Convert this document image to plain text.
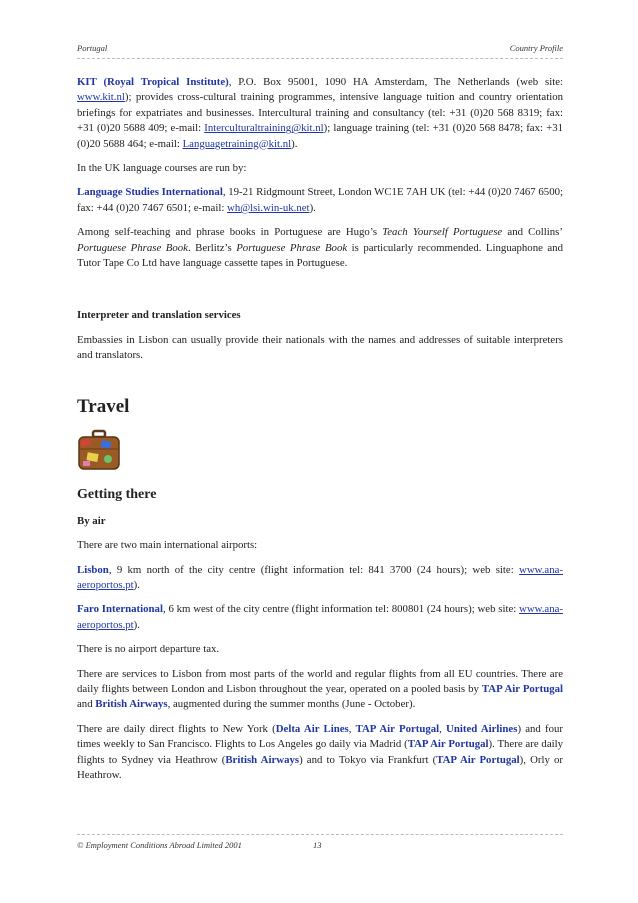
Portugal	Country Profile

KIT (Royal Tropical Institute), P.O. Box 95001, 1090 HA Amsterdam, The Netherlands (web site: www.kit.nl); provides cross-cultural training programmes, intensive language tuition and country orientation briefings for expatriates and businesses. Intercultural training and consultancy (tel: +31 (0)20 568 8319; fax: +31 (0)20 5688 409; e-mail: Interculturaltraining@kit.nl); language training (tel: +31 (0)20 568 8478; fax: +31 (0)20 5688 464; e-mail: Languagetraining@kit.nl).

In the UK language courses are run by:

Language Studies International, 19-21 Ridgmount Street, London WC1E 7AH UK (tel: +44 (0)20 7467 6500; fax: +44 (0)20 7467 6501; e-mail: wh@lsi.win-uk.net).

Among self-teaching and phrase books in Portuguese are Hugo’s Teach Yourself Portuguese and Collins’ Portuguese Phrase Book. Berlitz’s Portuguese Phrase Book is particularly recommended. Linguaphone and Tutor Tape Co Ltd have language cassette tapes in Portuguese.

Interpreter and translation services

Embassies in Lisbon can usually provide their nationals with the names and addresses of suitable interpreters and translators.

Travel

Getting there

By air

There are two main international airports:

Lisbon, 9 km north of the city centre (flight information tel: 841 3700 (24 hours); web site: www.ana-aeroportos.pt).

Faro International, 6 km west of the city centre (flight information tel: 800801 (24 hours); web site: www.ana-aeroportos.pt).

There is no airport departure tax.

There are services to Lisbon from most parts of the world and regular flights from all EU countries. There are daily flights between London and Lisbon throughout the year, operated on a pooled basis by TAP Air Portugal and British Airways, augmented during the summer months (June - October).

There are daily direct flights to New York (Delta Air Lines, TAP Air Portugal, United Airlines) and four times weekly to San Francisco. Flights to Los Angeles go daily via Madrid (TAP Air Portugal). There are daily flights to Sydney via Heathrow (British Airways) and to Tokyo via Frankfurt (TAP Air Portugal), Orly or Heathrow.

© Employment Conditions Abroad Limited 2001	13
